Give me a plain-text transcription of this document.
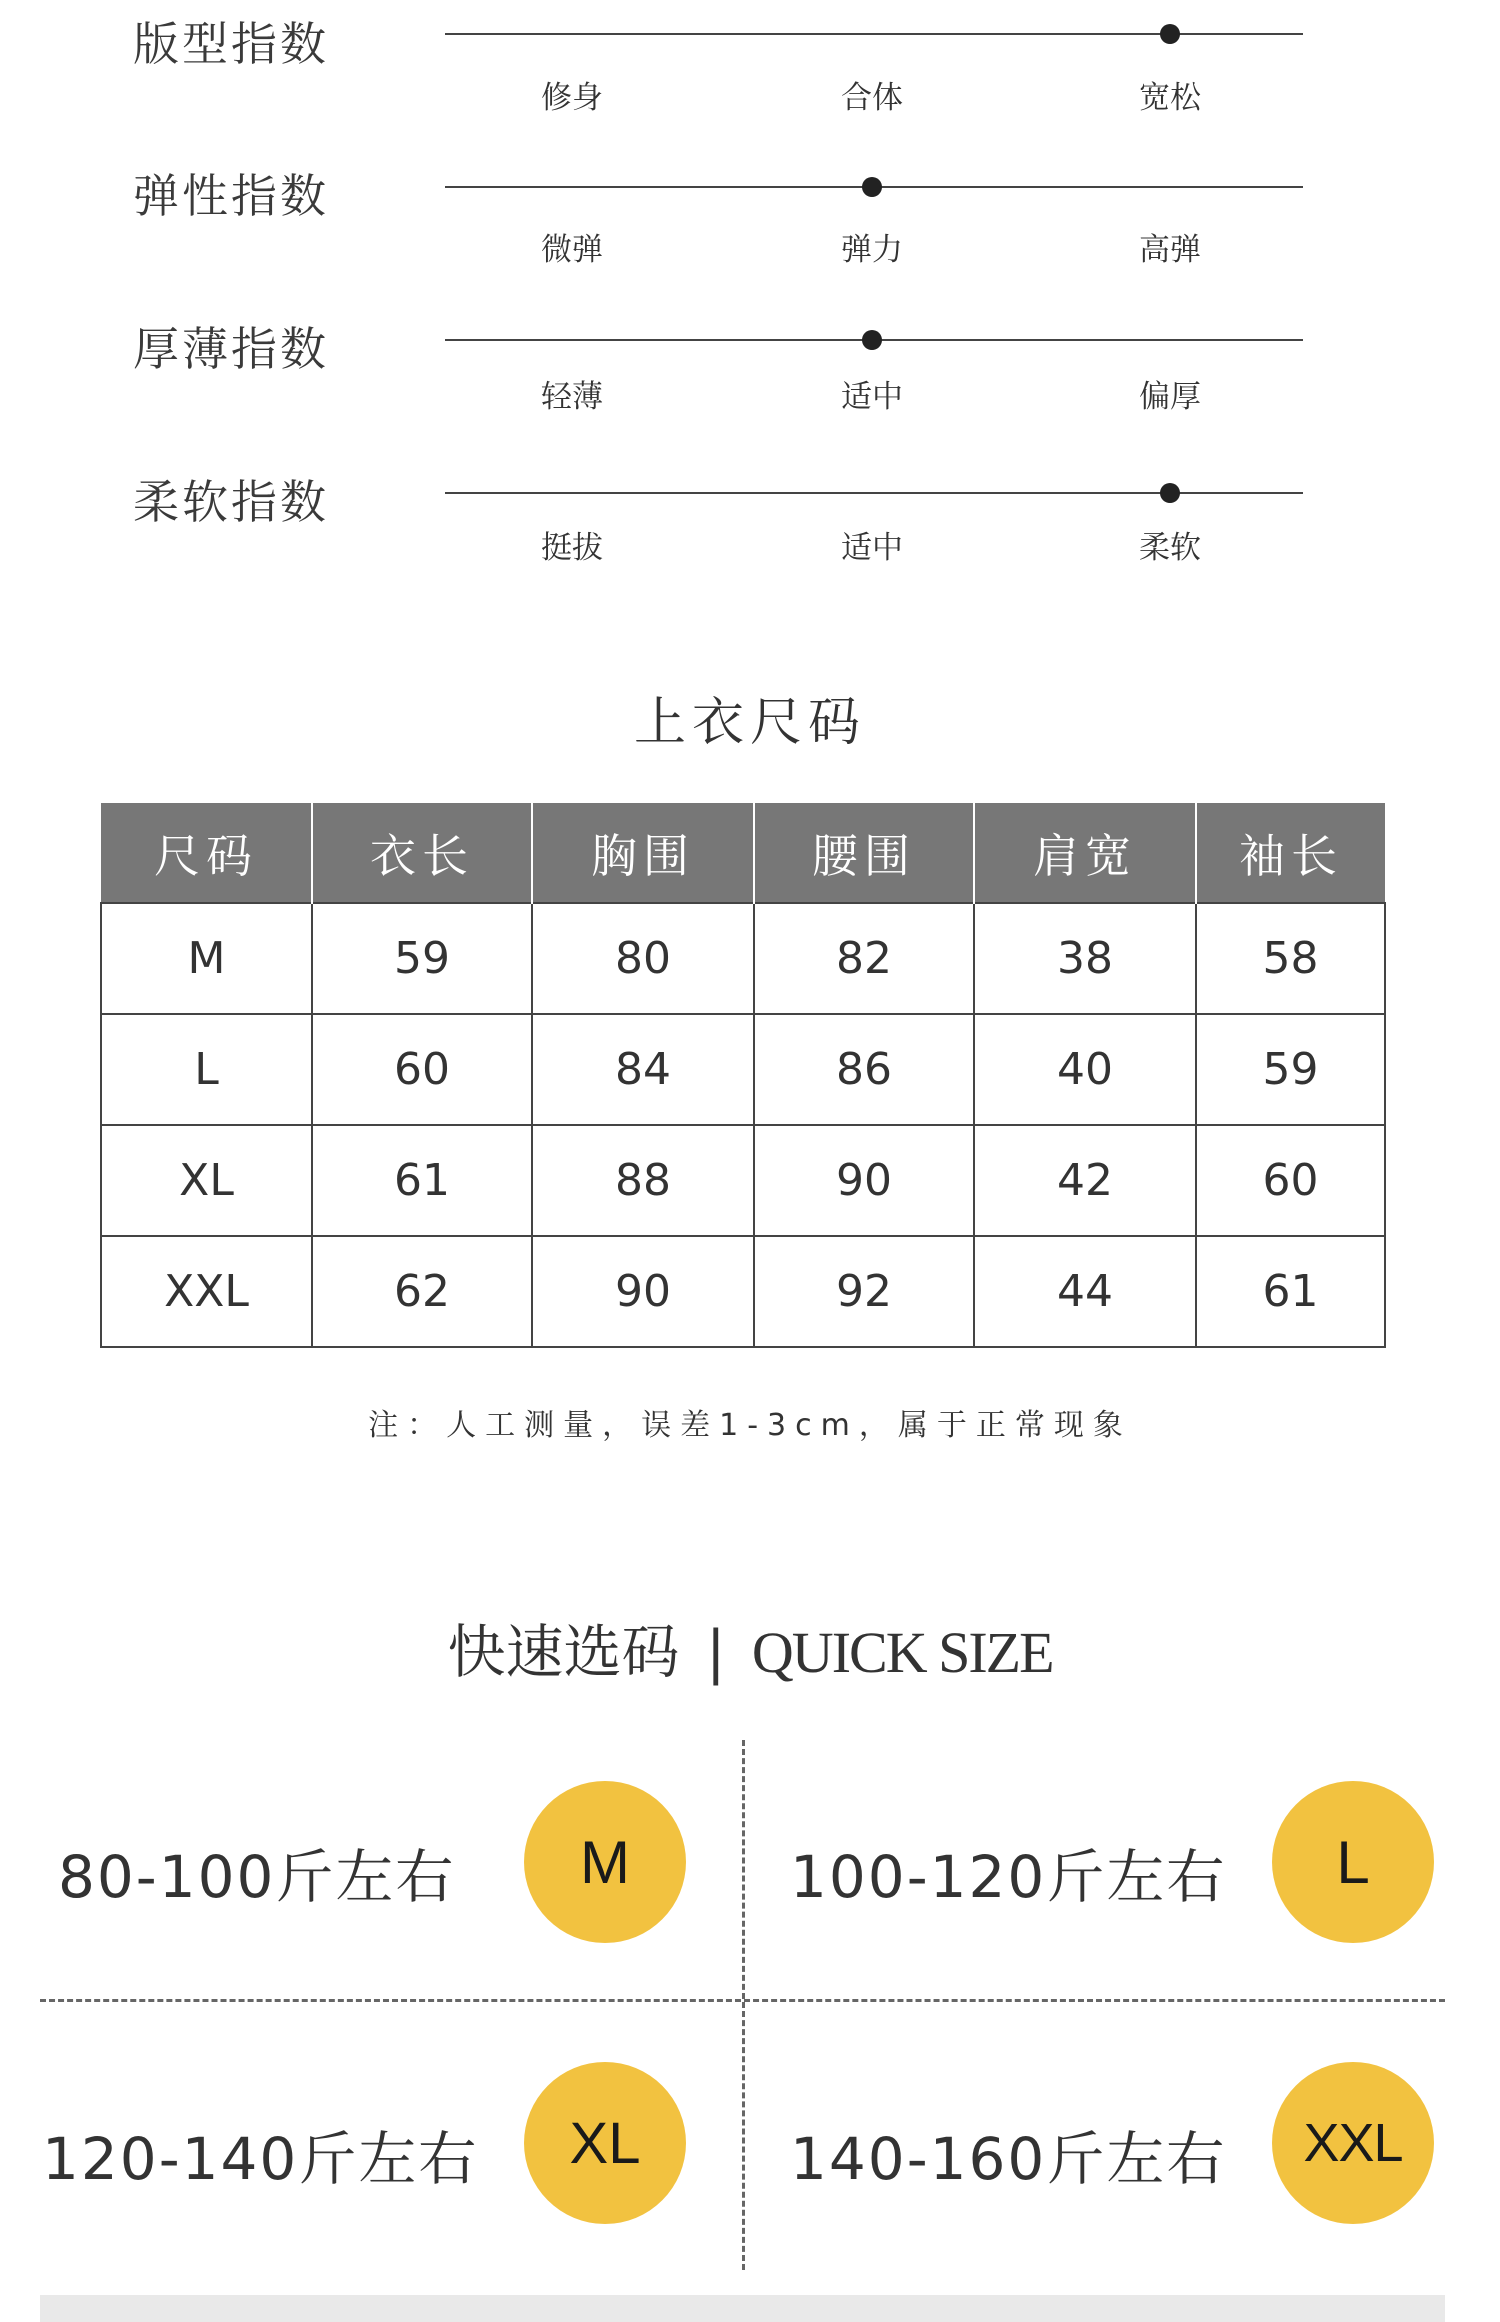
版型指数
修身	合体	宽松
弹性指数
微弹	弹力	高弹
厚薄指数
轻薄	适中	偏厚
柔软指数
挺拔	适中	柔软
上衣尺码
尺码	衣长	胸围	腰围	肩宽	袖长
M	59	80	82	38	58
L	60	84	86	40	59
XL	61	88	90	42	60
XXL	62	90	92	44	61
注：人工测量，误差1-3cm，属于正常现象
快速选码 | QUICK SIZE
80-100斤左右 M	100-120斤左右 L
120-140斤左右 XL	140-160斤左右 XXL
